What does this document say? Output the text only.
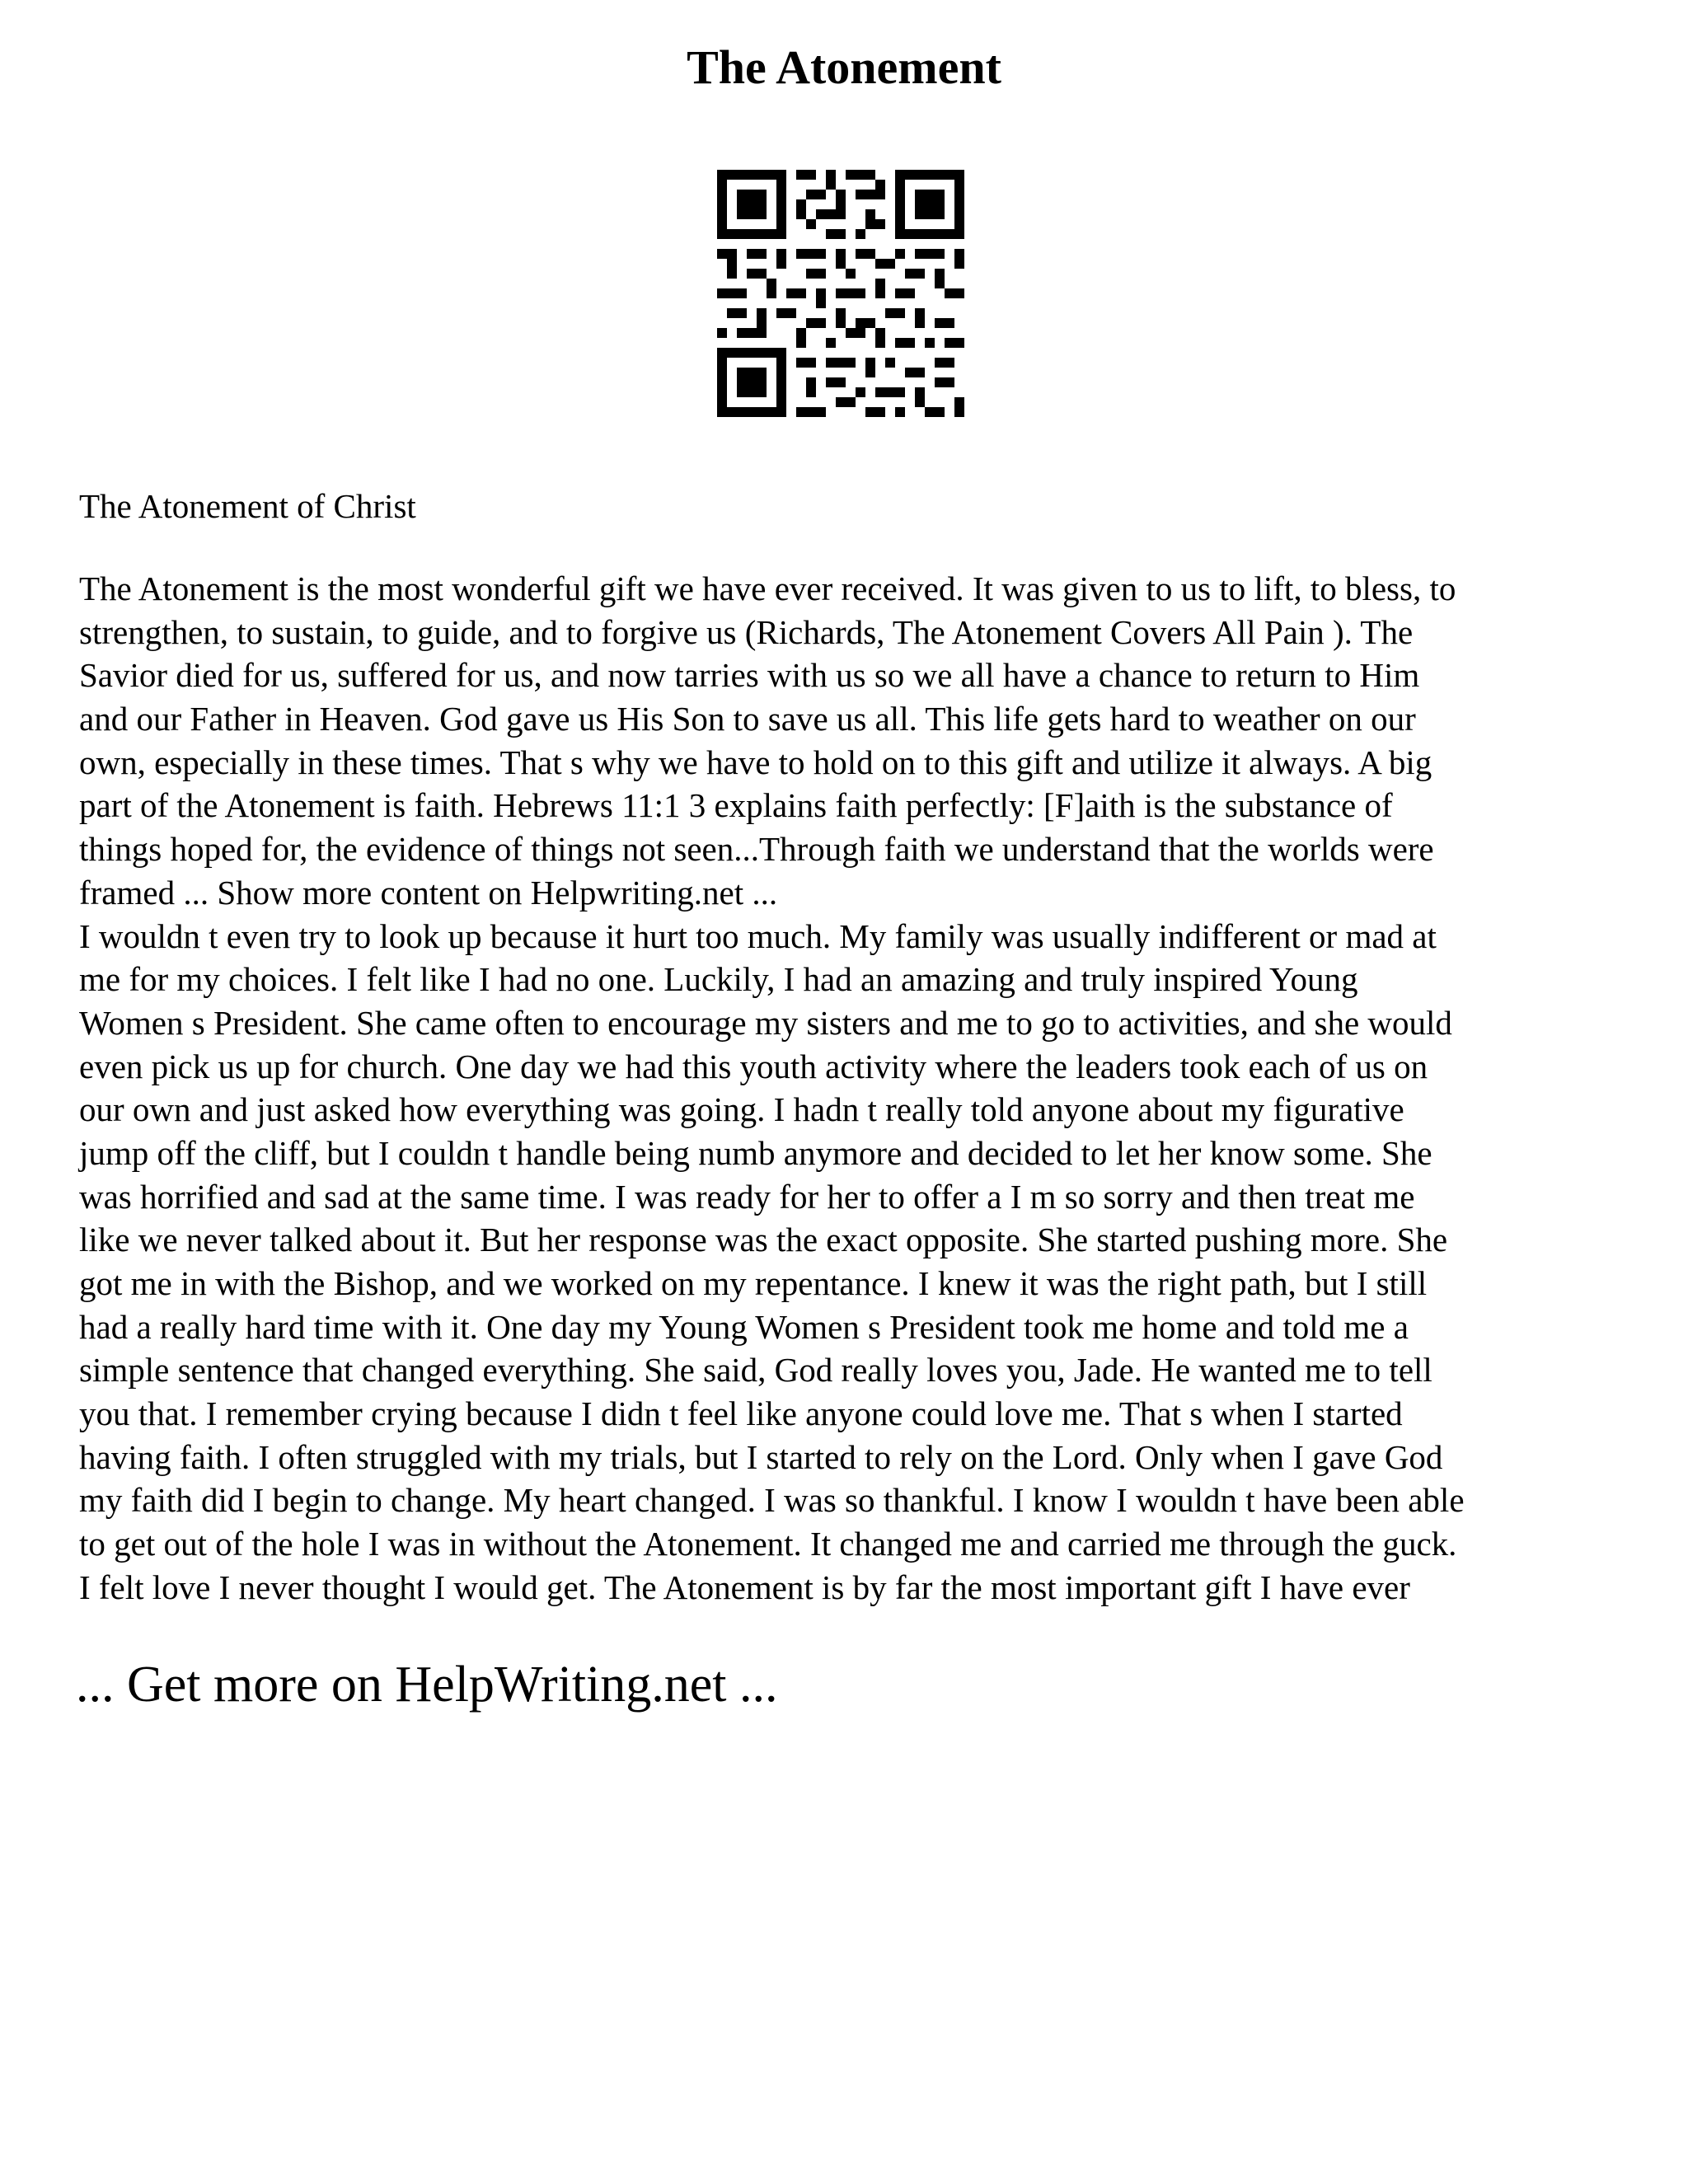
The Atonement
The Atonement of Christ
The Atonement is the most wonderful gift we have ever received. It was given to us to lift, to bless, to
strengthen, to sustain, to guide, and to forgive us (Richards, The Atonement Covers All Pain ). The
Savior died for us, suffered for us, and now tarries with us so we all have a chance to return to Him
and our Father in Heaven. God gave us His Son to save us all. This life gets hard to weather on our
own, especially in these times. That s why we have to hold on to this gift and utilize it always. A big
part of the Atonement is faith. Hebrews 11:1 3 explains faith perfectly: [F]aith is the substance of
things hoped for, the evidence of things not seen...Through faith we understand that the worlds were
framed ... Show more content on Helpwriting.net ...
I wouldn t even try to look up because it hurt too much. My family was usually indifferent or mad at
me for my choices. I felt like I had no one. Luckily, I had an amazing and truly inspired Young
Women s President. She came often to encourage my sisters and me to go to activities, and she would
even pick us up for church. One day we had this youth activity where the leaders took each of us on
our own and just asked how everything was going. I hadn t really told anyone about my figurative
jump off the cliff, but I couldn t handle being numb anymore and decided to let her know some. She
was horrified and sad at the same time. I was ready for her to offer a I m so sorry and then treat me
like we never talked about it. But her response was the exact opposite. She started pushing more. She
got me in with the Bishop, and we worked on my repentance. I knew it was the right path, but I still
had a really hard time with it. One day my Young Women s President took me home and told me a
simple sentence that changed everything. She said, God really loves you, Jade. He wanted me to tell
you that. I remember crying because I didn t feel like anyone could love me. That s when I started
having faith. I often struggled with my trials, but I started to rely on the Lord. Only when I gave God
my faith did I begin to change. My heart changed. I was so thankful. I know I wouldn t have been able
to get out of the hole I was in without the Atonement. It changed me and carried me through the guck.
I felt love I never thought I would get. The Atonement is by far the most important gift I have ever
... Get more on HelpWriting.net ...
